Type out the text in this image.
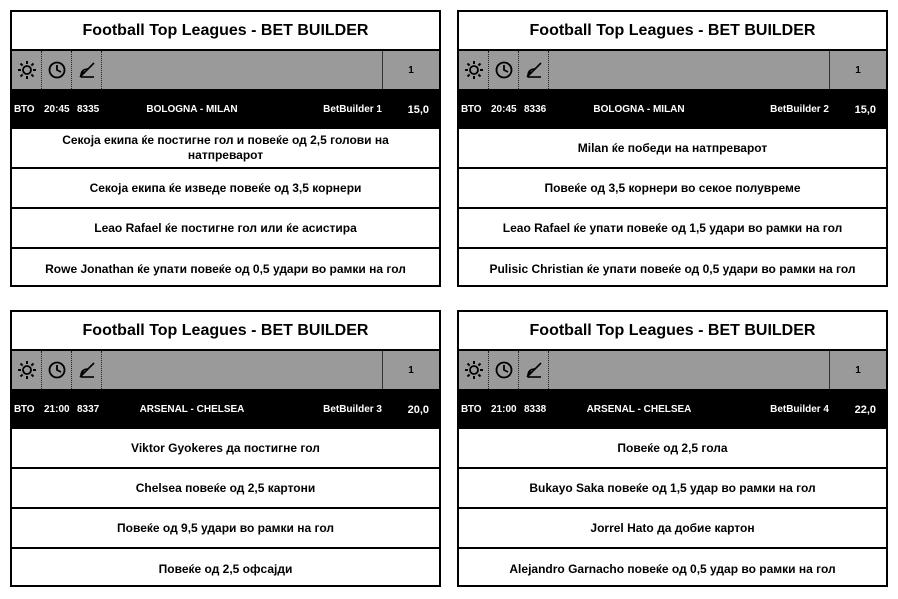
Football Top Leagues - BET BUILDER
1
ВТО 20:45 8335	BOLOGNA - MILAN	BetBuilder 1 15,0
Секоја екипа ќе постигне гол и повеќе од 2,5 голови на натпреварот
Секоја екипа ќе изведе повеќе од 3,5 корнери
Leao Rafael ќе постигне гол или ќе асистира
Rowe Jonathan ќе упати повеќе од 0,5 удари во рамки на гол
Football Top Leagues - BET BUILDER
1
ВТО 20:45 8336	BOLOGNA - MILAN	BetBuilder 2 15,0
Milan ќе победи на натпреварот
Повеќе од 3,5 корнери во секое полувреме
Leao Rafael ќе упати повеќе од 1,5 удари во рамки на гол
Pulisic Christian ќе упати повеќе од 0,5 удари во рамки на гол
Football Top Leagues - BET BUILDER
1
ВТО 21:00 8337	ARSENAL - CHELSEA	BetBuilder 3 20,0
Viktor Gyokeres да постигне гол
Chelsea повеќе од 2,5 картони
Повеќе од 9,5 удари во рамки на гол
Повеќе од 2,5 офсајди
Football Top Leagues - BET BUILDER
1
ВТО 21:00 8338	ARSENAL - CHELSEA	BetBuilder 4 22,0
Повеќе од 2,5 гола
Bukayo Saka повеќе од 1,5 удар во рамки на гол
Jorrel Hato да добие картон
Alejandro Garnacho повеќе од 0,5 удар во рамки на гол
